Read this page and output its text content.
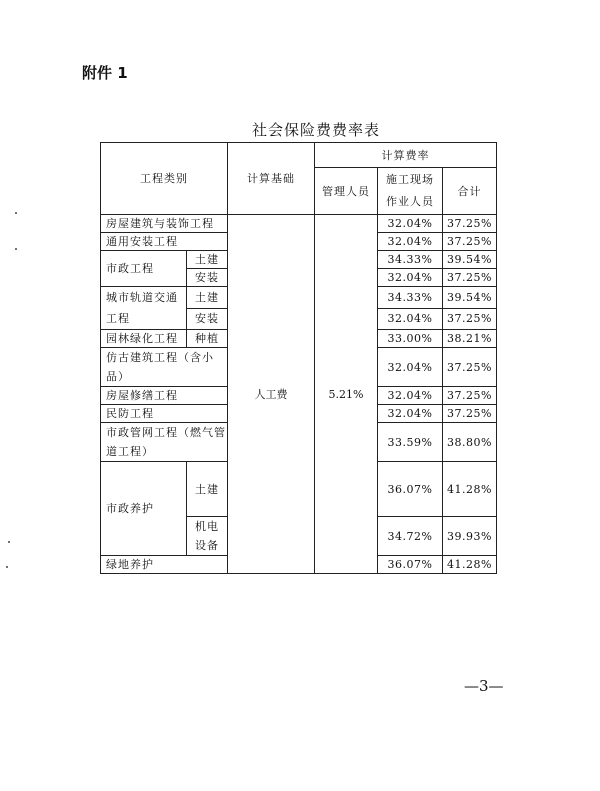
附件 1
社会保险费费率表
工程类别		计算基础	计算费率		
			管理人员	施工现场作业人员	合计
房屋建筑与装饰工程		人工费	5.21%	32.04%	37.25%
通用安装工程				32.04%	37.25%
市政工程	土建			34.33%	39.54%
	安装			32.04%	37.25%
城市轨道交通工程	土建			34.33%	39.54%
	安装			32.04%	37.25%
园林绿化工程	种植			33.00%	38.21%
仿古建筑工程（含小品）				32.04%	37.25%
房屋修缮工程				32.04%	37.25%
民防工程				32.04%	37.25%
市政管网工程（燃气管道工程）				33.59%	38.80%
市政养护	土建			36.07%	41.28%
	机电设备			34.72%	39.93%
绿地养护				36.07%	41.28%
—3—
